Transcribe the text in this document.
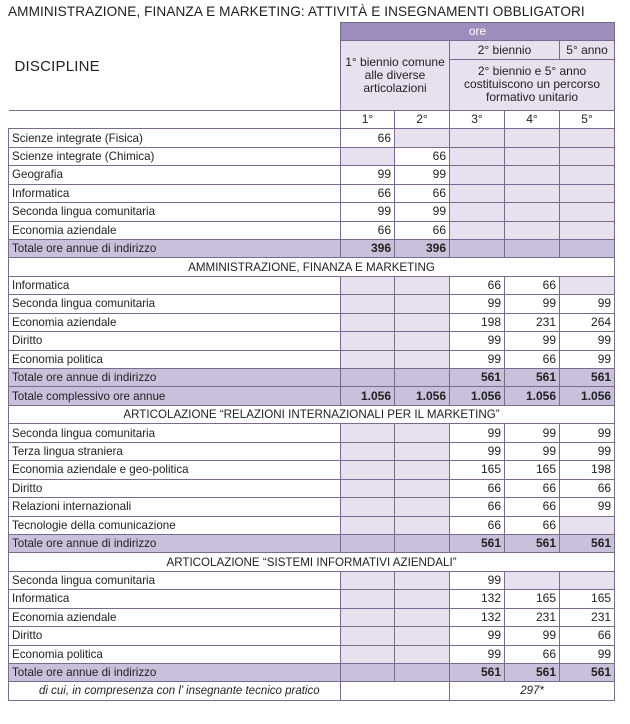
AMMINISTRAZIONE, FINANZA E MARKETING: ATTIVITÀ E INSEGNAMENTI OBBLIGATORI
DISCIPLINE	ore				
	1° biennio comune alle diverse articolazioni		2° biennio		5° anno
			2° biennio e 5° anno costituiscono un percorso formativo unitario		
	1°	2°	3°	4°	5°
Scienze integrate (Fisica)	66				
Scienze integrate (Chimica)		66			
Geografia	99	99			
Informatica	66	66			
Seconda lingua comunitaria	99	99			
Economia aziendale	66	66			
Totale ore annue di indirizzo	396	396			
AMMINISTRAZIONE, FINANZA E MARKETING					
Informatica			66	66	
Seconda lingua comunitaria			99	99	99
Economia aziendale			198	231	264
Diritto			99	99	99
Economia politica			99	66	99
Totale ore annue di indirizzo			561	561	561
Totale complessivo ore annue	1.056	1.056	1.056	1.056	1.056
ARTICOLAZIONE “RELAZIONI INTERNAZIONALI PER IL MARKETING”					
Seconda lingua comunitaria			99	99	99
Terza lingua straniera			99	99	99
Economia aziendale e geo-politica			165	165	198
Diritto			66	66	66
Relazioni internazionali			66	66	99
Tecnologie della comunicazione			66	66	
Totale ore annue di indirizzo			561	561	561
ARTICOLAZIONE “SISTEMI INFORMATIVI AZIENDALI”					
Seconda lingua comunitaria			99		
Informatica			132	165	165
Economia aziendale			132	231	231
Diritto			99	99	66
Economia politica			99	66	99
Totale ore annue di indirizzo			561	561	561
di cui, in compresenza con l’ insegnante tecnico pratico			297*		
